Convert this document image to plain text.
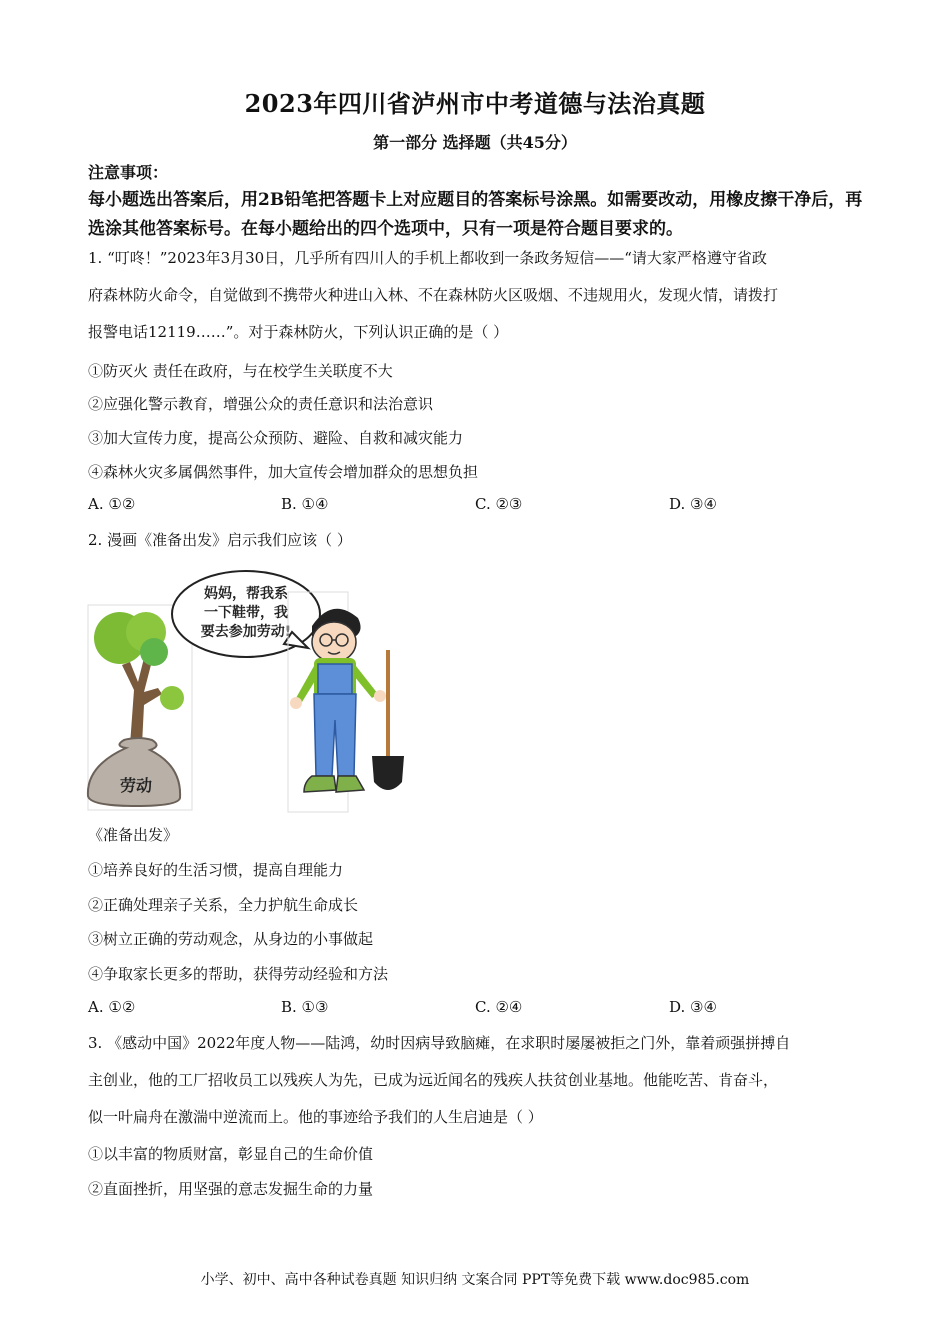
2023年四川省泸州市中考道德与法治真题
第一部分 选择题（共45分）
注意事项：
每小题选出答案后，用2B铅笔把答题卡上对应题目的答案标号涂黑。如需要改动，用橡皮擦干净后，再选涂其他答案标号。在每小题给出的四个选项中，只有一项是符合题目要求的。
1. “叮咚！”2023年3月30日，几乎所有四川人的手机上都收到一条政务短信——“请大家严格遵守省政
府森林防火命令，自觉做到不携带火种进山入林、不在森林防火区吸烟、不违规用火，发现火情，请拨打
报警电话12119……”。对于森林防火，下列认识正确的是（ ）
①防灭火 责任在政府，与在校学生关联度不大
②应强化警示教育，增强公众的责任意识和法治意识
③加大宣传力度，提高公众预防、避险、自救和减灾能力
④森林火灾多属偶然事件，加大宣传会增加群众的思想负担
A. ①②	B. ①④	C. ②③	D. ③④
2. 漫画《准备出发》启示我们应该（ ）
劳动
妈妈，帮我系
一下鞋带，我
要去参加劳动!
《准备出发》
①培养良好的生活习惯，提高自理能力
②正确处理亲子关系，全力护航生命成长
③树立正确的劳动观念，从身边的小事做起
④争取家长更多的帮助，获得劳动经验和方法
A. ①②	B. ①③	C. ②④	D. ③④
3. 《感动中国》2022年度人物——陆鸿，幼时因病导致脑瘫，在求职时屡屡被拒之门外，靠着顽强拼搏自
主创业，他的工厂招收员工以残疾人为先，已成为远近闻名的残疾人扶贫创业基地。他能吃苦、肯奋斗，
似一叶扁舟在激湍中逆流而上。他的事迹给予我们的人生启迪是（ ）
①以丰富的物质财富，彰显自己的生命价值
②直面挫折，用坚强的意志发掘生命的力量
小学、初中、高中各种试卷真题 知识归纳 文案合同 PPT等免费下载 www.doc985.com
